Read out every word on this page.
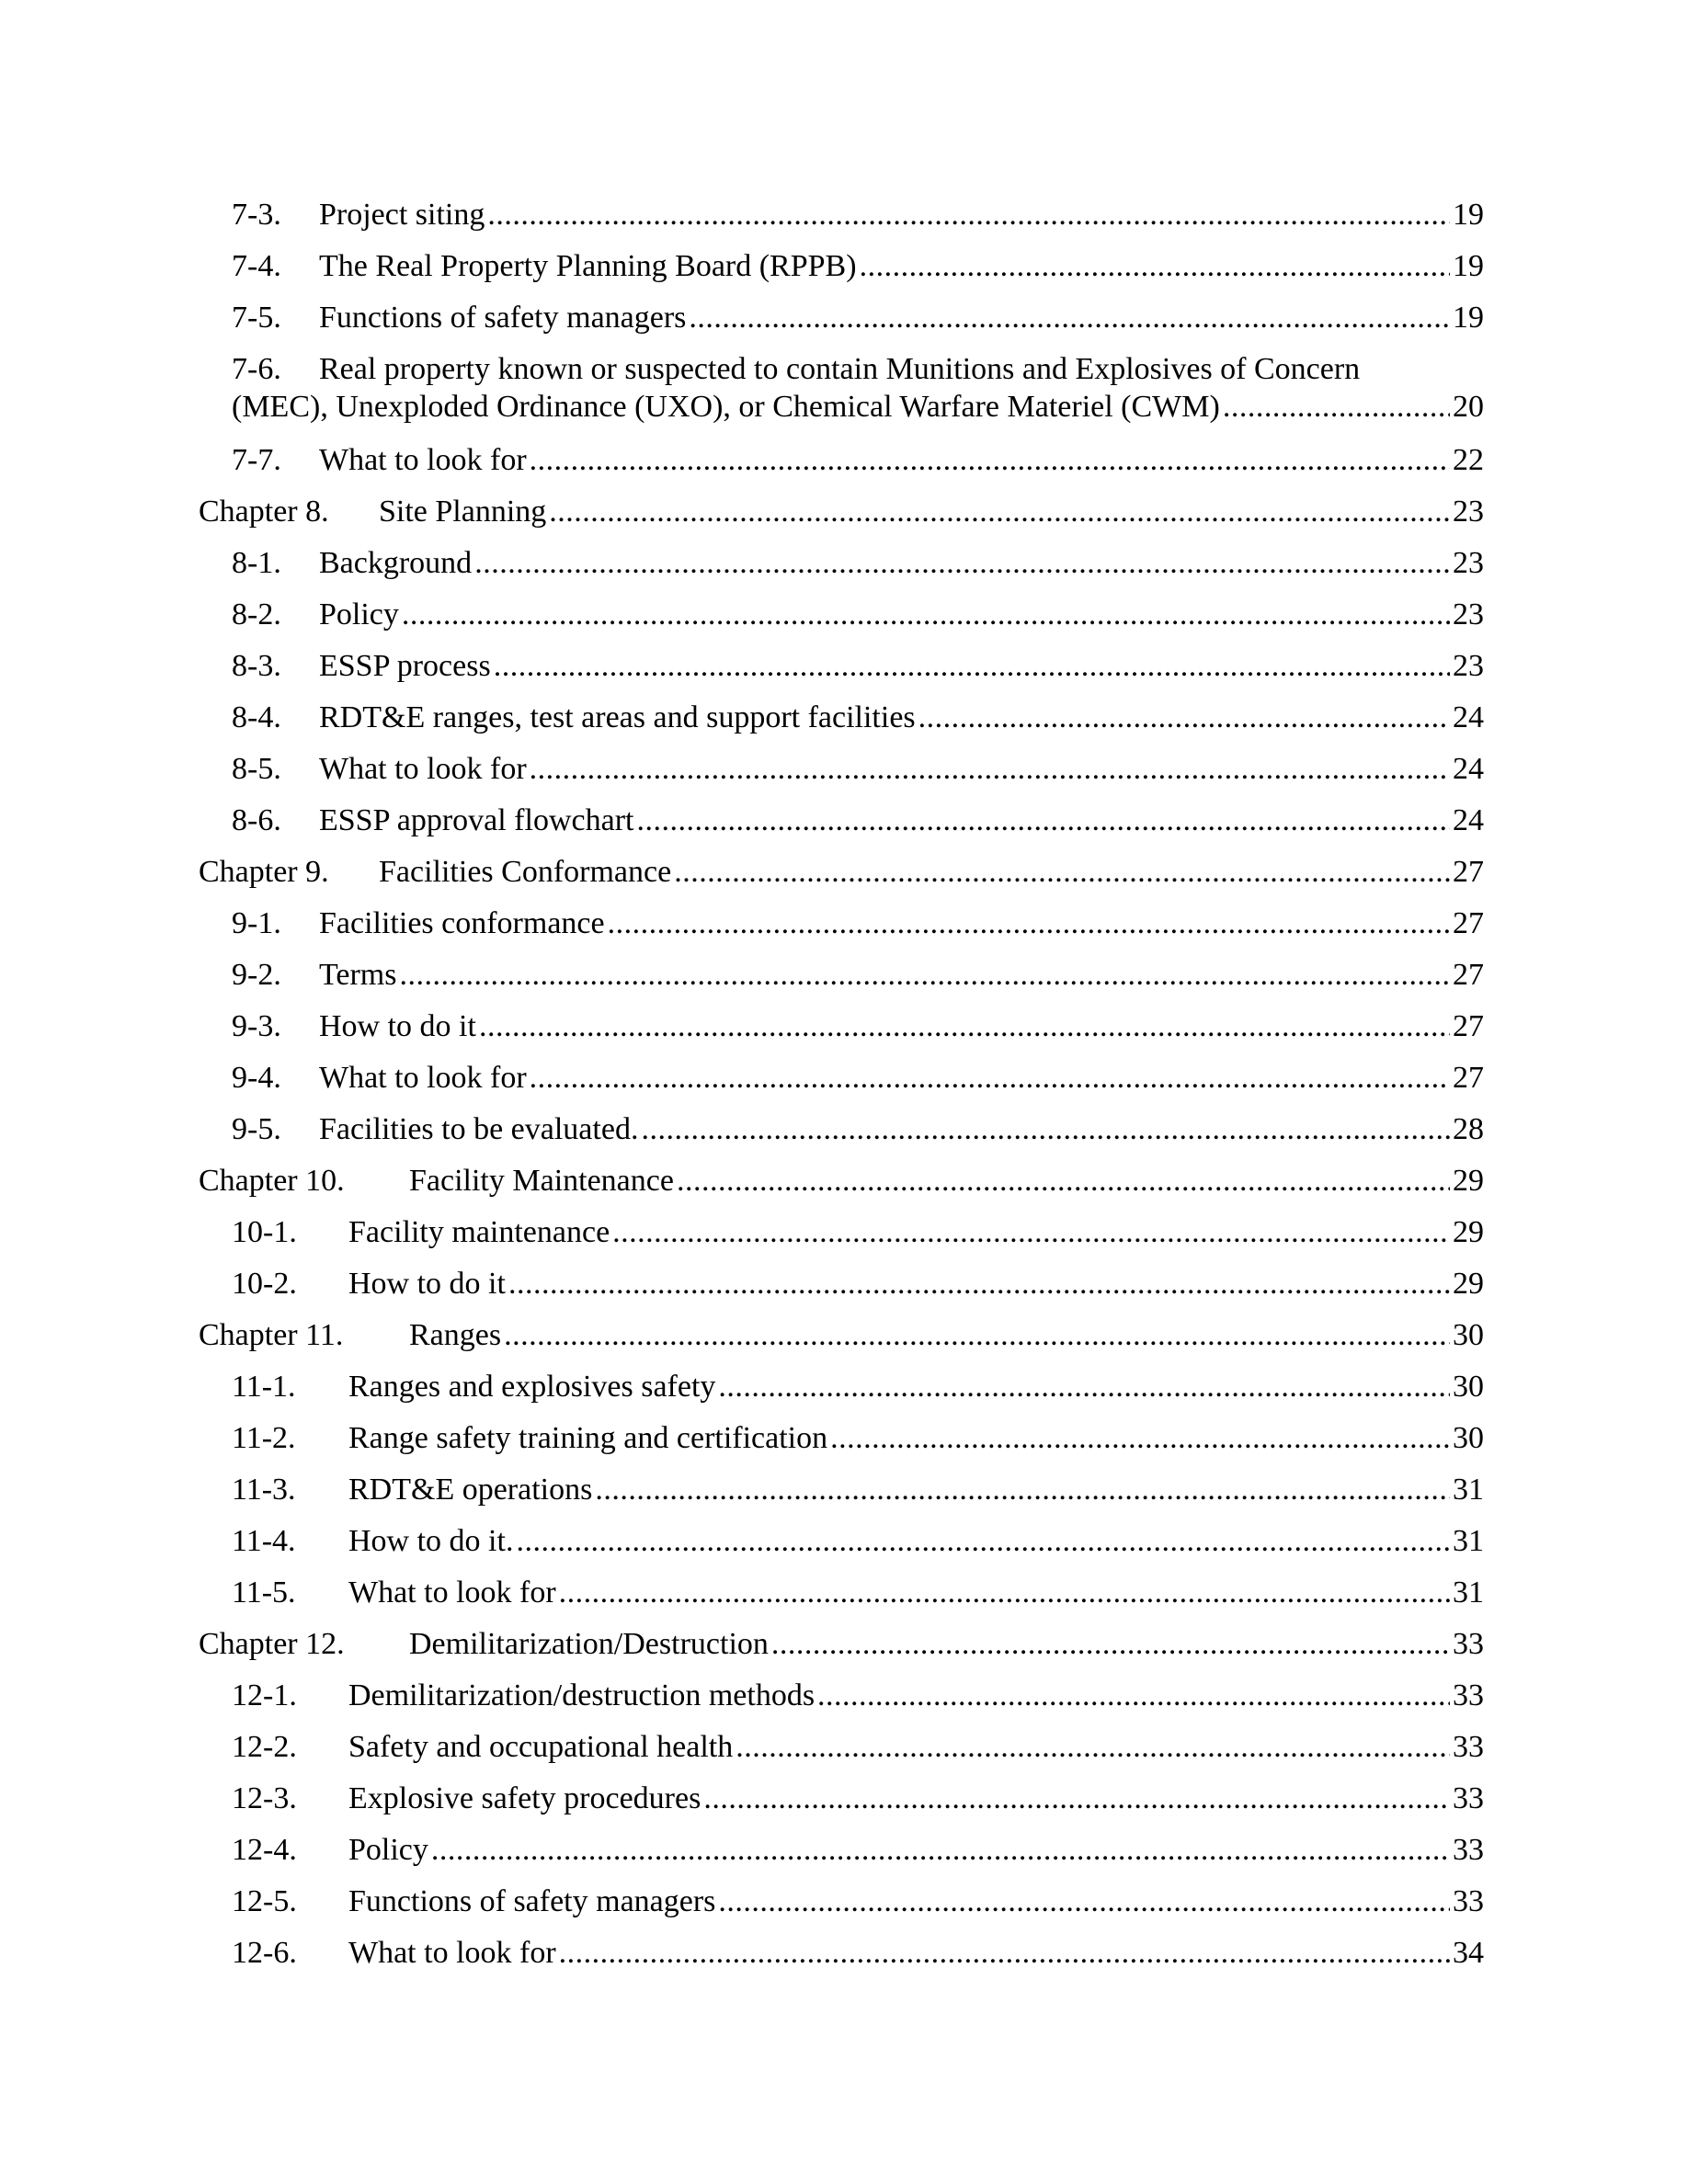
7-3.	Project siting .....	19
7-4.	The Real Property Planning Board (RPPB) .....	19
7-5.	Functions of safety managers .....	19
7-6. Real property known or suspected to contain Munitions and Explosives of Concern
(MEC), Unexploded Ordinance (UXO), or Chemical Warfare Materiel (CWM) .....	20
7-7.	What to look for .....	22
Chapter 8.	Site Planning .....	23
8-1.	Background .....	23
8-2.	Policy .....	23
8-3.	ESSP process .....	23
8-4.	RDT&E ranges, test areas and support facilities .....	24
8-5.	What to look for .....	24
8-6.	ESSP approval flowchart .....	24
Chapter 9.	Facilities Conformance .....	27
9-1.	Facilities conformance .....	27
9-2.	Terms .....	27
9-3.	How to do it .....	27
9-4.	What to look for .....	27
9-5.	Facilities to be evaluated. .....	28
Chapter 10.	Facility Maintenance .....	29
10-1.	Facility maintenance .....	29
10-2.	How to do it .....	29
Chapter 11.	Ranges .....	30
11-1.	Ranges and explosives safety .....	30
11-2.	Range safety training and certification .....	30
11-3.	RDT&E operations .....	31
11-4.	How to do it. .....	31
11-5.	What to look for .....	31
Chapter 12.	Demilitarization/Destruction .....	33
12-1.	Demilitarization/destruction methods .....	33
12-2.	Safety and occupational health .....	33
12-3.	Explosive safety procedures .....	33
12-4.	Policy .....	33
12-5.	Functions of safety managers .....	33
12-6.	What to look for .....	34
